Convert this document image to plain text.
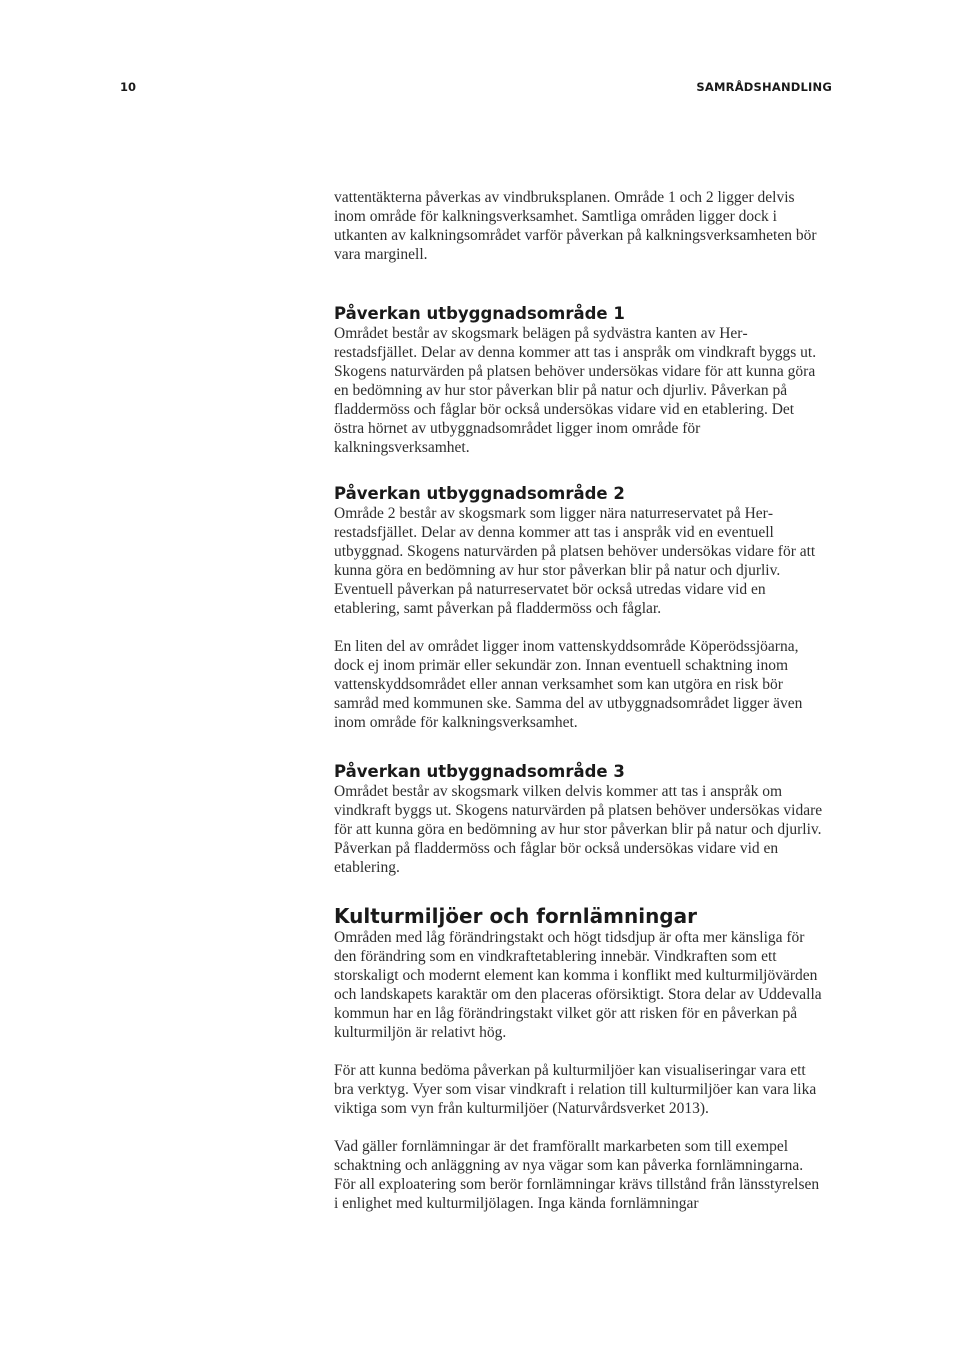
10	SAMRÅDSHANDLING

vattentäkterna påverkas av vindbruksplanen. Område 1 och 2 ligger delvis inom område för kalkningsverksamhet. Samtliga områden ligger dock i utkanten av kalkningsområdet varför påverkan på kalkningsverksamheten bör vara marginell.

Påverkan utbyggnadsområde 1

Området består av skogsmark belägen på sydvästra kanten av Herrestadsfjället. Delar av denna kommer att tas i anspråk om vindkraft byggs ut. Skogens naturvärden på platsen behöver undersökas vidare för att kunna göra en bedömning av hur stor påverkan blir på natur och djurliv. Påverkan på fladdermöss och fåglar bör också undersökas vidare vid en etablering. Det östra hörnet av utbyggnadsområdet ligger inom område för kalkningsverksamhet.

Påverkan utbyggnadsområde 2

Område 2 består av skogsmark som ligger nära naturreservatet på Herrestadsfjället. Delar av denna kommer att tas i anspråk vid en eventuell utbyggnad. Skogens naturvärden på platsen behöver undersökas vidare för att kunna göra en bedömning av hur stor påverkan blir på natur och djurliv. Eventuell påverkan på naturreservatet bör också utredas vidare vid en etablering, samt påverkan på fladdermöss och fåglar.

En liten del av området ligger inom vattenskyddsområde Köperödssjöarna, dock ej inom primär eller sekundär zon. Innan eventuell schaktning inom vattenskyddsområdet eller annan verksamhet som kan utgöra en risk bör samråd med kommunen ske. Samma del av utbyggnadsområdet ligger även inom område för kalkningsverksamhet.

Påverkan utbyggnadsområde 3

Området består av skogsmark vilken delvis kommer att tas i anspråk om vindkraft byggs ut. Skogens naturvärden på platsen behöver undersökas vidare för att kunna göra en bedömning av hur stor påverkan blir på natur och djurliv. Påverkan på fladdermöss och fåglar bör också undersökas vidare vid en etablering.

Kulturmiljöer och fornlämningar

Områden med låg förändringstakt och högt tidsdjup är ofta mer känsliga för den förändring som en vindkraftetablering innebär. Vindkraften som ett storskaligt och modernt element kan komma i konflikt med kulturmiljövärden och landskapets karaktär om den placeras oförsiktigt. Stora delar av Uddevalla kommun har en låg förändringstakt vilket gör att risken för en påverkan på kulturmiljön är relativt hög.

För att kunna bedöma påverkan på kulturmiljöer kan visualiseringar vara ett bra verktyg. Vyer som visar vindkraft i relation till kulturmiljöer kan vara lika viktiga som vyn från kulturmiljöer (Naturvårdsverket 2013).

Vad gäller fornlämningar är det framförallt markarbeten som till exempel schaktning och anläggning av nya vägar som kan påverka fornlämningarna. För all exploatering som berör fornlämningar krävs tillstånd från länsstyrelsen i enlighet med kulturmiljölagen. Inga kända fornlämningar
